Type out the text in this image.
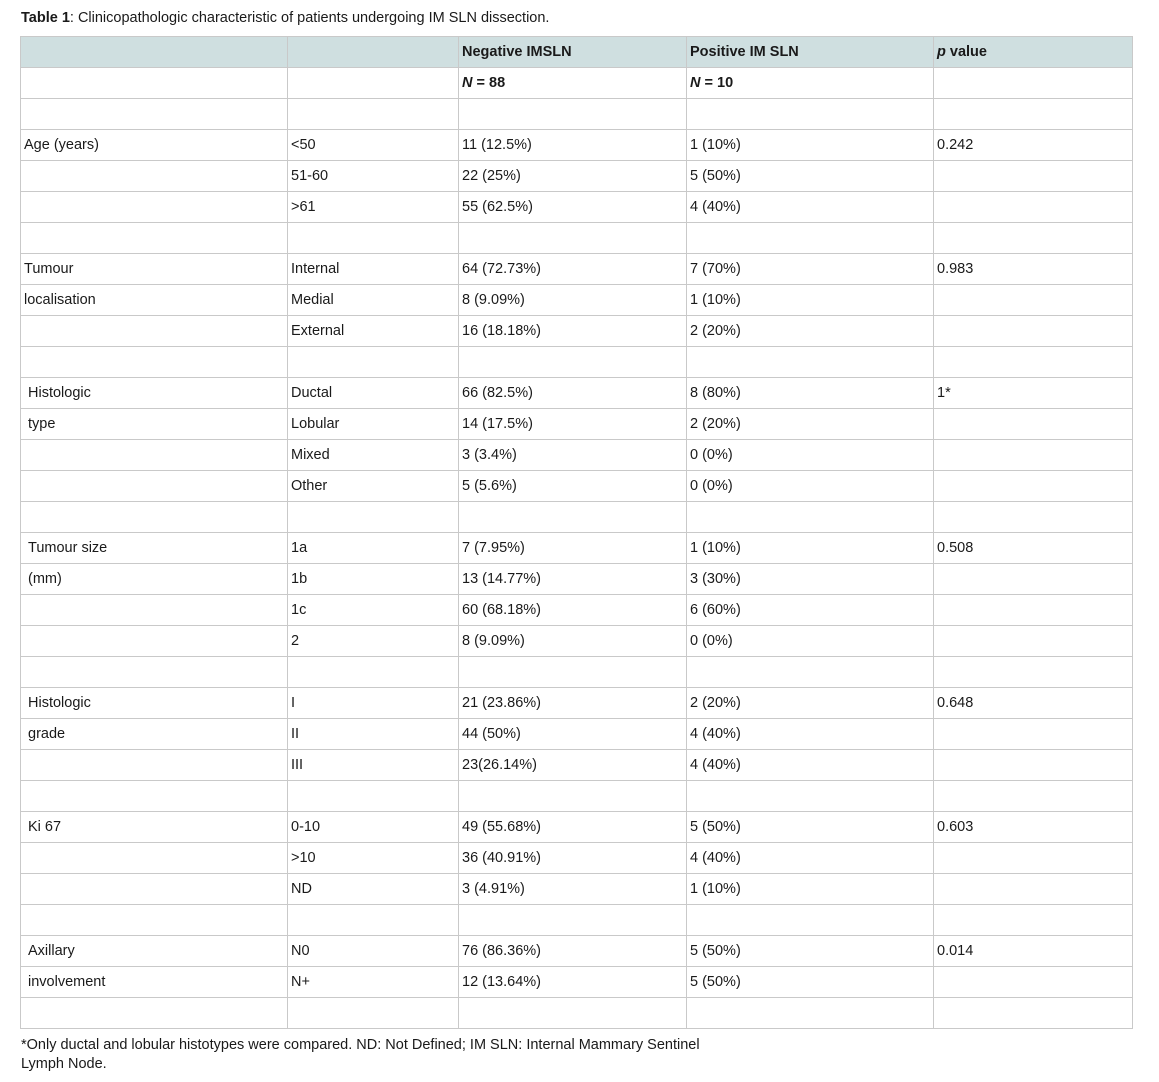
Table 1: Clinicopathologic characteristic of patients undergoing IM SLN dissection.
		Negative IMSLN	Positive IM SLN	p value
		N = 88	N = 10	

Age (years)	<50	11 (12.5%)	1 (10%)	0.242
	51-60	22 (25%)	5 (50%)	
	>61	55 (62.5%)	4 (40%)	

Tumour	Internal	64 (72.73%)	7 (70%)	0.983
localisation	Medial	8 (9.09%)	1 (10%)	
	External	16 (18.18%)	2 (20%)	

Histologic	Ductal	66 (82.5%)	8 (80%)	1*
type	Lobular	14 (17.5%)	2 (20%)	
	Mixed	3 (3.4%)	0 (0%)	
	Other	5 (5.6%)	0 (0%)	

Tumour size	1a	7 (7.95%)	1 (10%)	0.508
(mm)	1b	13 (14.77%)	3 (30%)	
	1c	60 (68.18%)	6 (60%)	
	2	8 (9.09%)	0 (0%)	

Histologic	I	21 (23.86%)	2 (20%)	0.648
grade	II	44 (50%)	4 (40%)	
	III	23(26.14%)	4 (40%)	

Ki 67	0-10	49 (55.68%)	5 (50%)	0.603
	>10	36 (40.91%)	4 (40%)	
	ND	3 (4.91%)	1 (10%)	

Axillary	N0	76 (86.36%)	5 (50%)	0.014
involvement	N+	12 (13.64%)	5 (50%)	

*Only ductal and lobular histotypes were compared. ND: Not Defined; IM SLN: Internal Mammary Sentinel Lymph Node.
